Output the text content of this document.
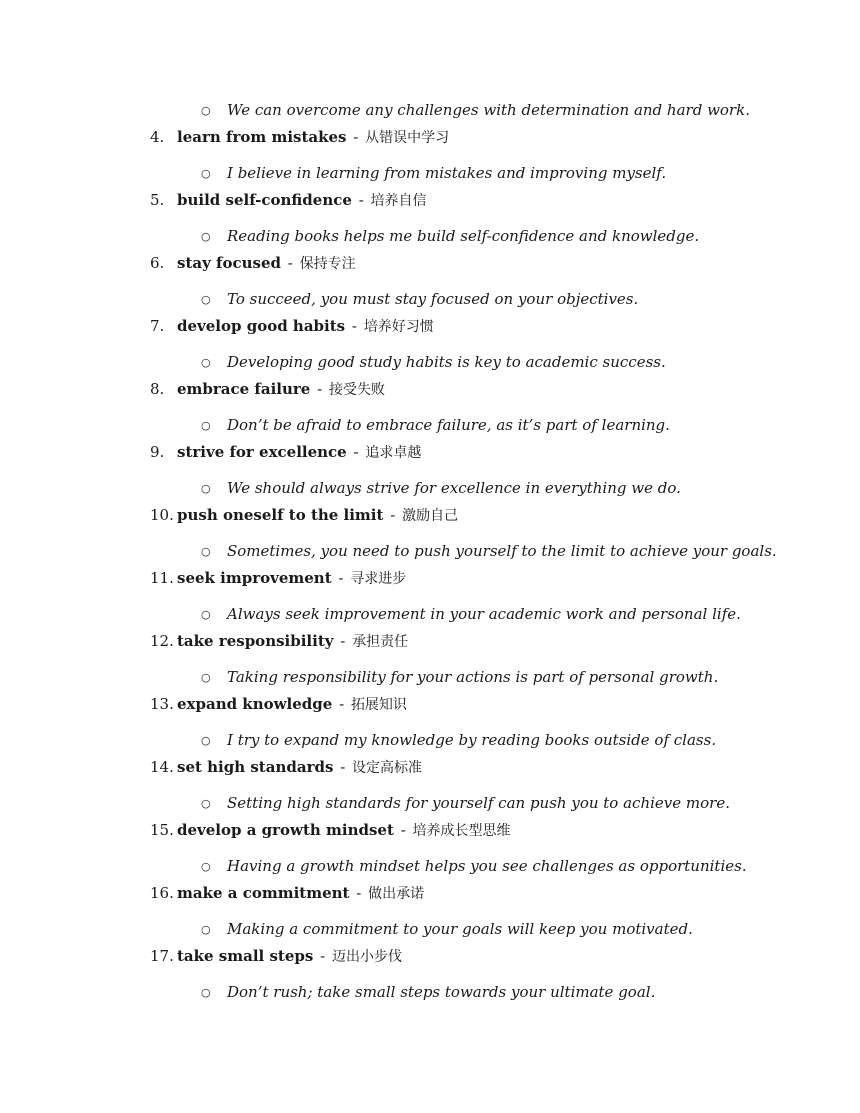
○ We can overcome any challenges with determination and hard work.
4. learn from mistakes - 从错误中学习
○ I believe in learning from mistakes and improving myself.
5. build self-confidence - 培养自信
○ Reading books helps me build self-confidence and knowledge.
6. stay focused - 保持专注
○ To succeed, you must stay focused on your objectives.
7. develop good habits - 培养好习惯
○ Developing good study habits is key to academic success.
8. embrace failure - 接受失败
○ Don’t be afraid to embrace failure, as it’s part of learning.
9. strive for excellence - 追求卓越
○ We should always strive for excellence in everything we do.
10. push oneself to the limit - 激励自己
○ Sometimes, you need to push yourself to the limit to achieve your goals.
11. seek improvement - 寻求进步
○ Always seek improvement in your academic work and personal life.
12. take responsibility - 承担责任
○ Taking responsibility for your actions is part of personal growth.
13. expand knowledge - 拓展知识
○ I try to expand my knowledge by reading books outside of class.
14. set high standards - 设定高标准
○ Setting high standards for yourself can push you to achieve more.
15. develop a growth mindset - 培养成长型思维
○ Having a growth mindset helps you see challenges as opportunities.
16. make a commitment - 做出承诺
○ Making a commitment to your goals will keep you motivated.
17. take small steps - 迈出小步伐
○ Don’t rush; take small steps towards your ultimate goal.
